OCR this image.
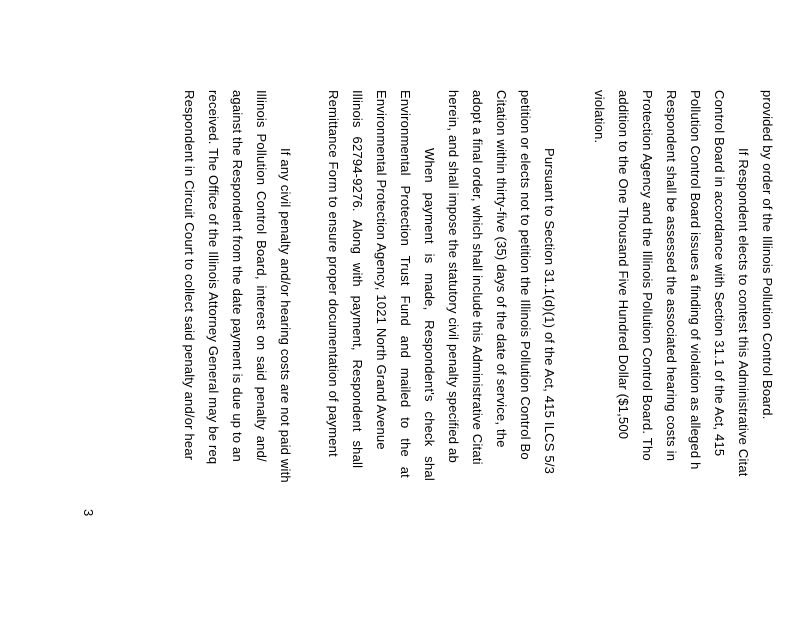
provided by order of the Illinois Pollution Control Board.
If Respondent elects to contest this Administrative Citat
Control Board in accordance with Section 31.1 of the Act, 415
Pollution Control Board issues a finding of violation as alleged h
Respondent shall be assessed the associated hearing costs in
Protection Agency and the Illinois Pollution Control Board. Tho
addition to the One Thousand Five Hundred Dollar ($1,500
violation.
Pursuant to Section 31.1(d)(1) of the Act, 415 ILCS 5/3
petition or elects not to petition the Illinois Pollution Control Bo
Citation within thirty-five (35) days of the date of service, the
adopt a final order, which shall include this Administrative Citati
herein, and shall impose the statutory civil penalty specified ab
When payment is made, Respondent's check shal
Environmental Protection Trust Fund and mailed to the at
Environmental Protection Agency, 1021 North Grand Avenue
Illinois 62794-9276. Along with payment, Respondent shall
Remittance Form to ensure proper documentation of payment
If any civil penalty and/or hearing costs are not paid with
Illinois Pollution Control Board, interest on said penalty and/
against the Respondent from the date payment is due up to an
received. The Office of the Illinois Attorney General may be req
Respondent in Circuit Court to collect said penalty and/or hear
3
